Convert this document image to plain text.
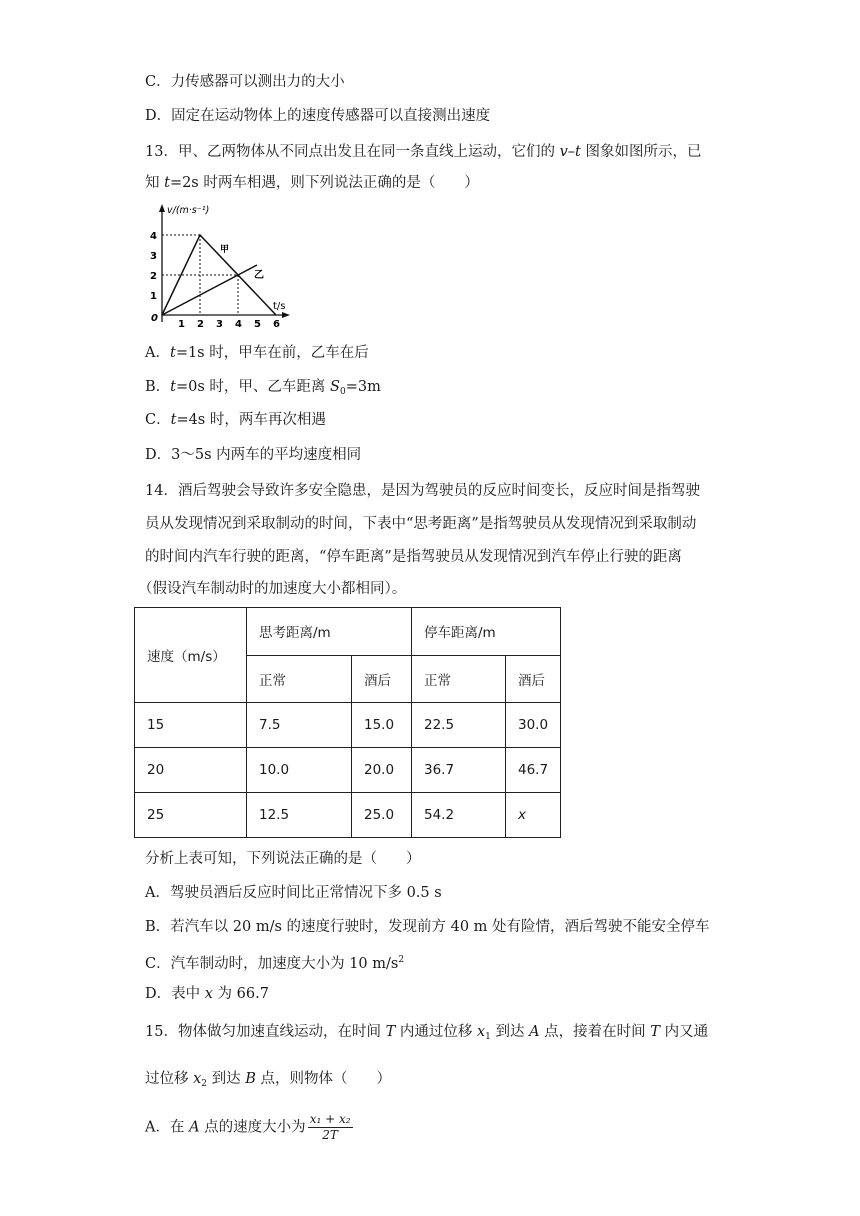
C．力传感器可以测出力的大小
D．固定在运动物体上的速度传感器可以直接测出速度
13．甲、乙两物体从不同点出发且在同一条直线上运动，它们的 v–t 图象如图所示，已
知 t=2s 时两车相遇，则下列说法正确的是（　　）
1 2 3 4 5 6
1
2
3
4
v/(m·s⁻¹)
t/s
0
甲
乙
A．t=1s 时，甲车在前，乙车在后
B．t=0s 时，甲、乙车距离 $S_0=3m$
C．t=4s 时，两车再次相遇
D．3～5s 内两车的平均速度相同
14．酒后驾驶会导致许多安全隐患，是因为驾驶员的反应时间变长，反应时间是指驾驶
员从发现情况到采取制动的时间，下表中“思考距离”是指驾驶员从发现情况到采取制动
的时间内汽车行驶的距离，“停车距离”是指驾驶员从发现情况到汽车停止行驶的距离
（假设汽车制动时的加速度大小都相同）。
速度（m/s）	思考距离/m		停车距离/m	
	正常	酒后	正常	酒后
15	7.5	15.0	22.5	30.0
20	10.0	20.0	36.7	46.7
25	12.5	25.0	54.2	x
分析上表可知，下列说法正确的是（　　）
A．驾驶员酒后反应时间比正常情况下多 0.5 s
B．若汽车以 20 m/s 的速度行驶时，发现前方 40 m 处有险情，酒后驾驶不能安全停车
C．汽车制动时，加速度大小为 10 $m/s^2$
D．表中 x 为 66.7
15．物体做匀加速直线运动，在时间 T 内通过位移 $x_1$ 到达 A 点，接着在时间 T 内又通
过位移 $x_2$ 到达 B 点，则物体（　　）
A．在 A 点的速度大小为 $\frac{\text{x₁ + x₂}}{2T}$
